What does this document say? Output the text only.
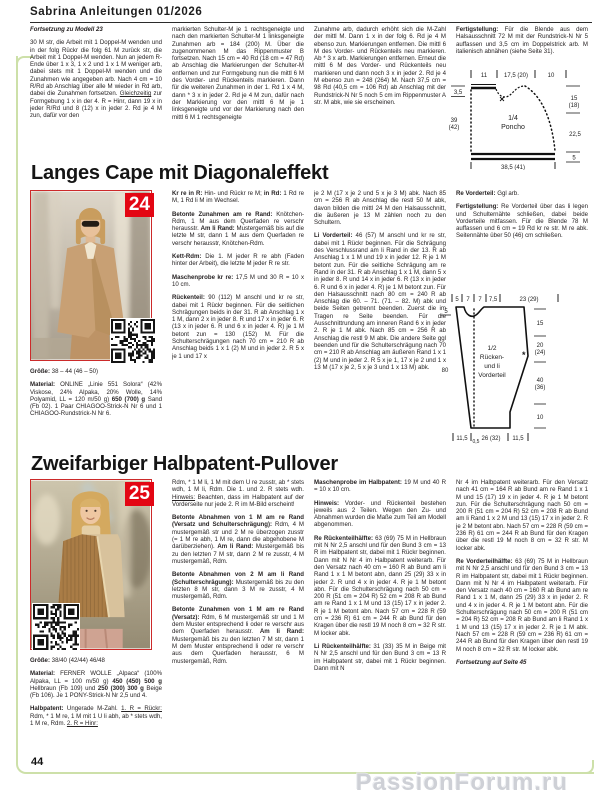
Sabrina Anleitungen 01/2026

Fortsetzung zu Modell 23

30 M str, die Arbeit mit 1 Doppel-M wenden und in der folg Rückr die folg 61 M zurück str, die Arbeit mit 1 Doppel-M wenden. Nun an jedem R-Ende über 1 x 3, 1 x 2 und 1 x 1 M weniger arb, dabei stets mit 1 Doppel-M wenden und die Zunahmen wie angegeben arb. Nach 4 cm = 10 R/Rd ab Anschlag über alle M wieder in Rd arb, dabei die Zunahmen fortsetzen. Gleichzeitig zur Formgebung 1 x in der 4. R = Hinr, dann 19 x in jeder R/Rd und 8 (12) x in jeder 2. Rd je 4 M zun, dafür vor den

markierten Schulter-M je 1 rechtsgeneigte und nach den markierten Schulter-M 1 linksgeneigte Zunahmen arb = 184 (200) M. Über die zugenommenen M das Rippenmuster B fortsetzen. Nach 15 cm = 40 Rd (18 cm = 47 Rd) ab Anschlag die Markierungen der Schulter-M entfernen und zur Formgebung nun die mittl 6 M des Vorder- und Rückenteils markieren. Dann für die weiteren Zunahmen in der 1. Rd 1 x 4 M, dann * 3 x in jeder 2. Rd je 4 M zun, dafür nach der Markierung vor den mittl 6 M je 1 linksgeneigte und vor der Markierung nach den mittl 6 M 1 rechtsgeneigte

Zunahme arb, dadurch erhöht sich die M-Zahl der mittl M. Dann 1 x in der folg 6. Rd je 4 M ebenso zun. Markierungen entfernen. Die mittl 6 M des Vorder- und Rückenteils neu markieren. Ab * 3 x arb. Markierungen entfernen. Erneut die mittl 6 M des Vorder- und Rückenteils neu markieren und dann noch 3 x in jeder 2. Rd je 4 M ebenso zun = 248 (264) M. Nach 37,5 cm = 98 Rd (40,5 cm = 106 Rd) ab Anschlag mit der Rundstrick-N Nr 5 noch 5 cm im Rippenmuster A str. M abk, wie sie erscheinen.

Fertigstellung: Für die Blende aus dem Halsausschnitt 72 M mit der Rundstrick-N Nr 5 auffassen und 3,5 cm im Doppelstrick arb. M italienisch abnähen (siehe Seite 31).

11	17,5 (20)	10
3,5
39
(42)
15
(18)
22,5
5
38,5 (41)
1/4
Poncho
Langes Cape mit Diagonaleffekt
24

Größe: 38 – 44 (46 – 50)

Material: ONLINE „Linie 551 Solora“ (42% Viskose, 24% Alpaka, 20% Wolle, 14% Polyamid, LL = 120 m/50 g) 650 (700) g Sand (Fb 02). 1 Paar CHIAGOO-Strick-N Nr 6 und 1 CHIAGOO-Rundstrick-N Nr 6.

Kr re in R: Hin- und Rückr re M; in Rd: 1 Rd re M, 1 Rd li M im Wechsel.

Betonte Zunahmen am re Rand: Knötchen-Rdm, 1 M aus dem Querfaden re verschr herausstr. Am li Rand: Mustergemäß bis auf die letzte M str, dann 1 M aus dem Querfaden re verschr herausstr, Knötchen-Rdm.

Kett-Rdm: Die 1. M jeder R re abh (Faden hinter der Arbeit), die letzte M jeder R re str.

Maschenprobe kr re: 17,5 M und 30 R = 10 x 10 cm.

Rückenteil: 90 (112) M anschl und kr re str, dabei mit 1 Rückr beginnen. Für die seitlichen Schrägungen beids in der 31. R ab Anschlag 1 x 1 M, dann 2 x in jeder 8. R und 17 x in jeder 6. R (13 x in jeder 6. R und 6 x in jeder 4. R) je 1 M betont zun = 130 (152) M. Für die Schulterschrägungen nach 70 cm = 210 R ab Anschlag beids 1 x 1 (2) M und in jeder 2. R 5 x je 1 und 17 x

je 2 M (17 x je 2 und 5 x je 3 M) abk. Nach 85 cm = 256 R ab Anschlag die restl 50 M abk, davon bilden die mittl 24 M den Halsausschnitt, die äußeren je 13 M zählen noch zu den Schultern.

Li Vorderteil: 46 (57) M anschl und kr re str, dabei mit 1 Rückr beginnen. Für die Schrägung des Verschlussrand am li Rand in der 13. R ab Anschlag 1 x 1 M und 19 x in jeder 12. R je 1 M betont zun. Für die seitliche Schrägung am re Rand in der 31. R ab Anschlag 1 x 1 M, dann 5 x in jeder 8. R und 14 x in jeder 6. R (13 x in jeder 6. R und 6 x in jeder 4. R) je 1 M betont zun. Für den Halsausschnitt nach 80 cm = 240 R ab Anschlag die 60. – 71. (71. – 82. M) abk und beide Seiten getrennt beenden. Zuerst die im Tragen re Seite beenden. Für die Ausschnittrundung am inneren Rand 6 x in jeder 2. R je 1 M abk. Nach 85 cm = 256 R ab Anschlag die restl 9 M abk. Die andere Seite ggl beenden und für die Schulterschrägung nach 70 cm = 210 R ab Anschlag am äußeren Rand 1 x 1 (2) M und in jeder 2. R 5 x je 1, 17 x je 2 und 1 x 13 M (17 x je 2, 5 x je 3 und 1 x 13 M) abk.

Re Vorderteil: Ggl arb.

Fertigstellung: Re Vorderteil über das li legen und Schulternähte schließen, dabei beide Vorderteile mitfassen. Für die Blende 78 M auffassen und 6 cm = 19 Rd kr re str. M re abk. Seitennähte über 50 (46) cm schließen.

5 7 7 7,5	23 (29)
*
5
80
15
20
(24)
40
(36)
10
11,5 0,5 26 (32) 11,5
1/2
Rücken-
und li
Vorderteil
Zweifarbiger Halbpatent-Pullover
25

Größe: 38/40 (42/44) 46/48

Material: FERNER WOLLE „Alpaca“ (100% Alpaka, LL = 100 m/50 g) 450 (450) 500 g Hellbraun (Fb 109) und 250 (300) 300 g Beige (Fb 106). Je 1 PONY-Strick-N Nr 2,5 und 4.

Halbpatent: Ungerade M-Zahl. 1. R = Rückr: Rdm, * 1 M re, 1 M mit 1 U li abh, ab * stets wdh, 1 M re, Rdm. 2. R = Hinr:

Rdm, * 1 M li, 1 M mit dem U re zusstr, ab * stets wdh, 1 M li, Rdm. Die 1. und 2. R stets wdh. Hinweis: Beachten, dass im Halbpatent auf der Vorderseite nur jede 2. R im M-Bild erscheint!

Betonte Abnahmen von 1 M am re Rand (Versatz und Schulterschrägung): Rdm, 4 M mustergemäß str und 2 M re überzogen zusstr (= 1 M re abh, 1 M re, dann die abgehobene M darüberziehen). Am li Rand: Mustergemäß bis zu den letzten 7 M str, dann 2 M re zusstr, 4 M mustergemäß, Rdm.

Betonte Abnahmen von 2 M am li Rand (Schulterschrägung): Mustergemäß bis zu den letzten 8 M str, dann 3 M re zusstr, 4 M mustergemäß, Rdm.

Betonte Zunahmen von 1 M am re Rand (Versatz): Rdm, 6 M mustergemäß str und 1 M dem Muster entsprechend li oder re verschr aus dem Querfaden herausstr. Am li Rand: Mustergemäß bis zu den letzten 7 M str, dann 1 M dem Muster entsprechend li oder re verschr aus dem Querfaden herausstr, 6 M mustergemäß, Rdm.

Maschenprobe im Halbpatent: 19 M und 40 R = 10 x 10 cm.

Hinweis: Vorder- und Rückenteil bestehen jeweils aus 2 Teilen. Wegen den Zu- und Abnahmen wurden die Maße zum Teil am Modell abgenommen.

Re Rückenteilhälfte: 63 (69) 75 M in Hellbraun mit N Nr 2,5 anschl und für den Bund 3 cm = 13 R im Halbpatent str, dabei mit 1 Rückr beginnen. Dann mit N Nr 4 im Halbpatent weiterarb. Für den Versatz nach 40 cm = 160 R ab Bund am li Rand 1 x 1 M betont abn, dann 25 (29) 33 x in jeder 2. R und 4 x in jeder 4. R je 1 M betont abn. Für die Schulterschrägung nach 50 cm = 200 R (51 cm = 204 R) 52 cm = 208 R ab Bund am re Rand 1 x 1 M und 13 (15) 17 x in jeder 2. R je 1 M betont abn. Nach 57 cm = 228 R (59 cm = 236 R) 61 cm = 244 R ab Bund für den Kragen über die restl 19 M noch 8 cm = 32 R str. M locker abk.

Li Rückenteilhälfte: 31 (33) 35 M in Beige mit N Nr 2,5 anschl und für den Bund 3 cm = 13 R im Halbpatent str, dabei mit 1 Rückr beginnen. Dann mit N

Nr 4 im Halbpatent weiterarb. Für den Versatz nach 41 cm = 164 R ab Bund am re Rand 1 x 1 M und 15 (17) 19 x in jeder 4. R je 1 M betont zun. Für die Schulterschrägung nach 50 cm = 200 R (51 cm = 204 R) 52 cm = 208 R ab Bund am li Rand 1 x 2 M und 13 (15) 17 x in jeder 2. R je 2 M betont abn. Nach 57 cm = 228 R (59 cm = 236 R) 61 cm = 244 R ab Bund für den Kragen über die restl 19 M noch 8 cm = 32 R str. M locker abk.

Re Vorderteilhälfte: 63 (69) 75 M in Hellbraun mit N Nr 2,5 anschl und für den Bund 3 cm = 13 R im Halbpatent str, dabei mit 1 Rückr beginnen. Dann mit N Nr 4 im Halbpatent weiterarb. Für den Versatz nach 40 cm = 160 R ab Bund am re Rand 1 x 1 M, dann 25 (29) 33 x in jeder 2. R und 4 x in jeder 4. R je 1 M betont abn. Für die Schulterschrägung nach 50 cm = 200 R (51 cm = 204 R) 52 cm = 208 R ab Bund am li Rand 1 x 1 M und 13 (15) 17 x in jeder 2. R je 1 M abk. Nach 57 cm = 228 R (59 cm = 236 R) 61 cm = 244 R ab Bund für den Kragen über den restl 19 M noch 8 cm = 32 R str. M locker abk.

Fortsetzung auf Seite 45

44
PassionForum.ru
